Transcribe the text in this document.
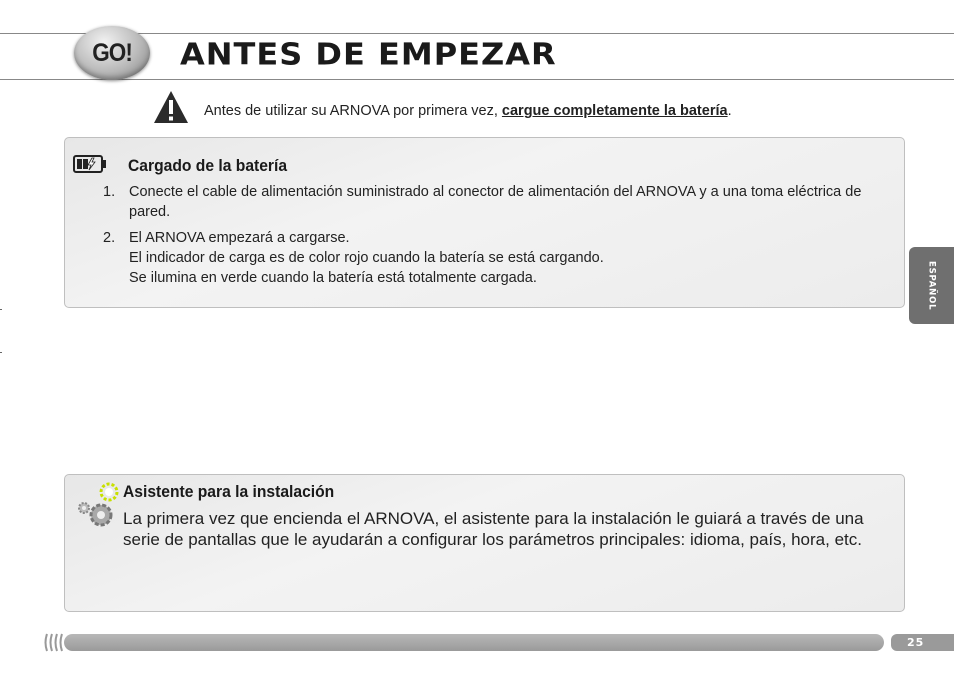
GO! ANTES DE EMPEZAR
Antes de utilizar su ARNOVA por primera vez, cargue completamente la batería.
Cargado de la batería
1. Conecte el cable de alimentación suministrado al conector de alimentación del ARNOVA y a una toma eléctrica de pared.
2. El ARNOVA empezará a cargarse.
El indicador de carga es de color rojo cuando la batería se está cargando.
Se ilumina en verde cuando la batería está totalmente cargada.
Asistente para la instalación
La primera vez que encienda el ARNOVA, el asistente para la instalación le guiará a través de una serie de pantallas que le ayudarán a configurar los parámetros principales: idioma, país, hora, etc.
ESPAÑOL
25
